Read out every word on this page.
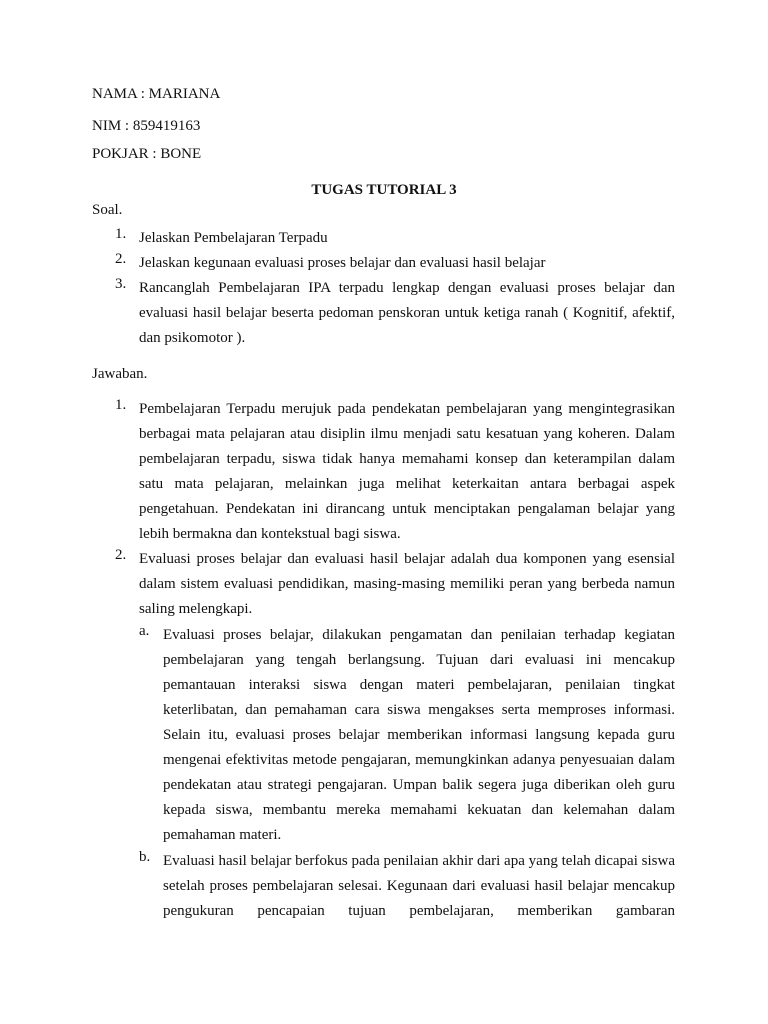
NAMA : MARIANA
NIM : 859419163
POKJAR : BONE
TUGAS TUTORIAL 3
Soal.
1. Jelaskan Pembelajaran Terpadu
2. Jelaskan kegunaan evaluasi proses belajar dan evaluasi hasil belajar
3. Rancanglah Pembelajaran IPA terpadu lengkap dengan evaluasi proses belajar dan evaluasi hasil belajar beserta pedoman penskoran untuk ketiga ranah ( Kognitif, afektif, dan psikomotor ).
Jawaban.
1. Pembelajaran Terpadu merujuk pada pendekatan pembelajaran yang mengintegrasikan berbagai mata pelajaran atau disiplin ilmu menjadi satu kesatuan yang koheren. Dalam pembelajaran terpadu, siswa tidak hanya memahami konsep dan keterampilan dalam satu mata pelajaran, melainkan juga melihat keterkaitan antara berbagai aspek pengetahuan. Pendekatan ini dirancang untuk menciptakan pengalaman belajar yang lebih bermakna dan kontekstual bagi siswa.
2. Evaluasi proses belajar dan evaluasi hasil belajar adalah dua komponen yang esensial dalam sistem evaluasi pendidikan, masing-masing memiliki peran yang berbeda namun saling melengkapi.
a. Evaluasi proses belajar, dilakukan pengamatan dan penilaian terhadap kegiatan pembelajaran yang tengah berlangsung. Tujuan dari evaluasi ini mencakup pemantauan interaksi siswa dengan materi pembelajaran, penilaian tingkat keterlibatan, dan pemahaman cara siswa mengakses serta memproses informasi. Selain itu, evaluasi proses belajar memberikan informasi langsung kepada guru mengenai efektivitas metode pengajaran, memungkinkan adanya penyesuaian dalam pendekatan atau strategi pengajaran. Umpan balik segera juga diberikan oleh guru kepada siswa, membantu mereka memahami kekuatan dan kelemahan dalam pemahaman materi.
b. Evaluasi hasil belajar berfokus pada penilaian akhir dari apa yang telah dicapai siswa setelah proses pembelajaran selesai. Kegunaan dari evaluasi hasil belajar mencakup pengukuran pencapaian tujuan pembelajaran, memberikan gambaran
